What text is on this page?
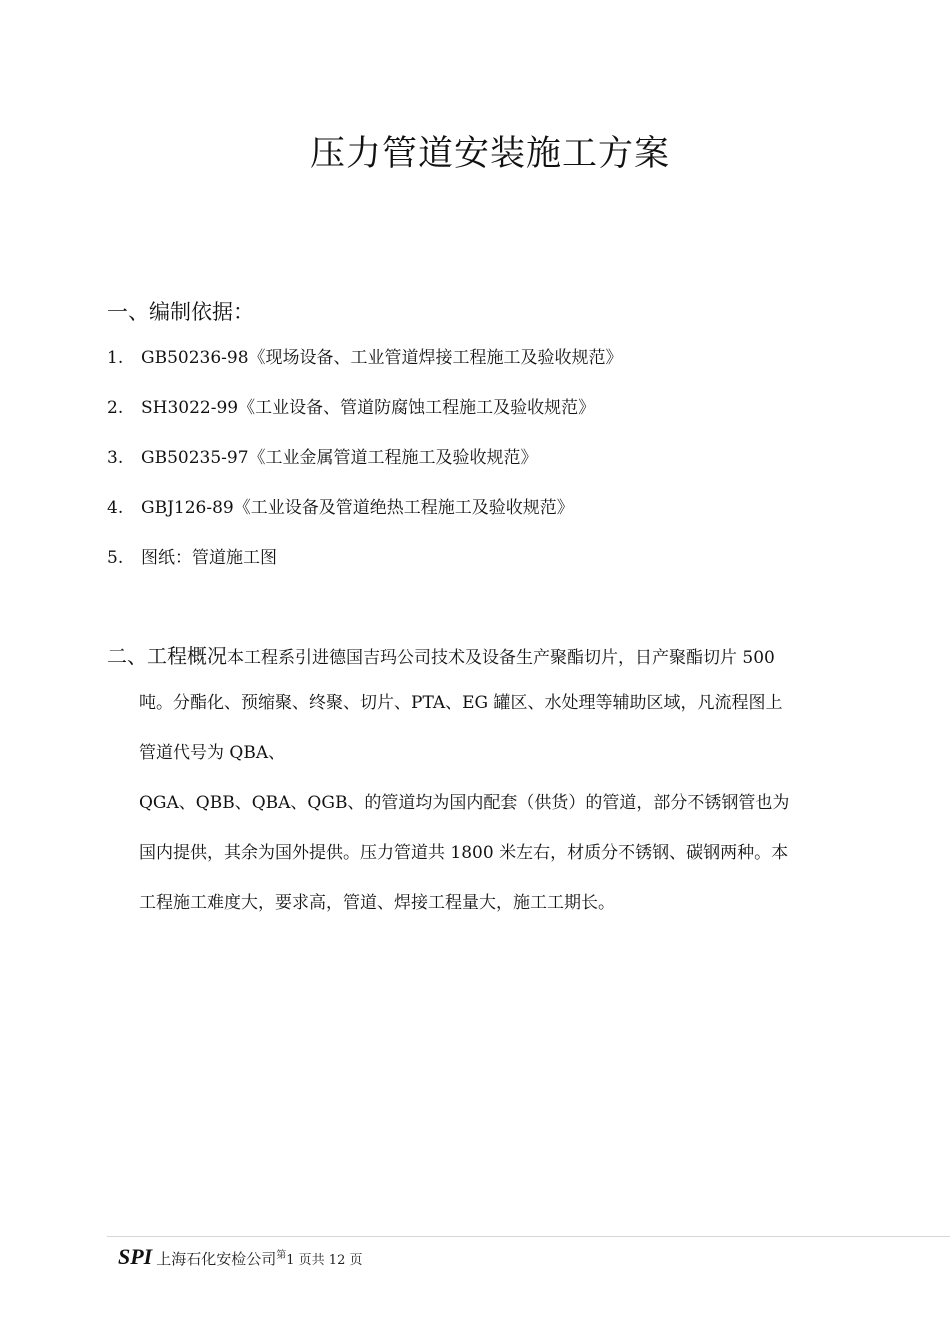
压力管道安装施工方案
一、编制依据：
1. GB50236-98《现场设备、工业管道焊接工程施工及验收规范》
2. SH3022-99《工业设备、管道防腐蚀工程施工及验收规范》
3. GB50235-97《工业金属管道工程施工及验收规范》
4. GBJ126-89《工业设备及管道绝热工程施工及验收规范》
5. 图纸：管道施工图
二、工程概况本工程系引进德国吉玛公司技术及设备生产聚酯切片，日产聚酯切片 500
吨。分酯化、预缩聚、终聚、切片、PTA、EG 罐区、水处理等辅助区域，凡流程图上
管道代号为 QBA、
QGA、QBB、QBA、QGB、的管道均为国内配套（供货）的管道，部分不锈钢管也为
国内提供，其余为国外提供。压力管道共 1800 米左右，材质分不锈钢、碳钢两种。本
工程施工难度大，要求高，管道、焊接工程量大，施工工期长。
SPI 上海石化安检公司$^第$1 页共 12 页
